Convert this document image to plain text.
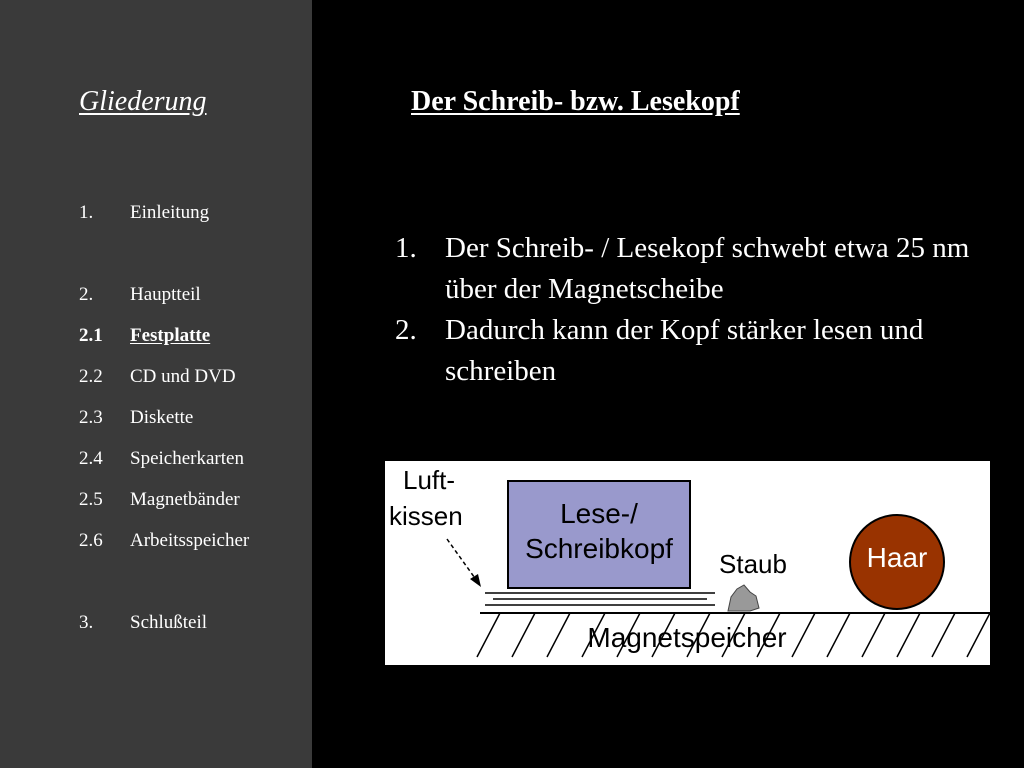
Gliederung
1. Einleitung
2. Hauptteil
2.1 Festplatte
2.2 CD und DVD
2.3 Diskette
2.4 Speicherkarten
2.5 Magnetbänder
2.6 Arbeitsspeicher
3. Schlußteil
Der Schreib- bzw. Lesekopf
1. Der Schreib- / Lesekopf schwebt etwa 25 nm über der Magnetscheibe
2. Dadurch kann der Kopf stärker lesen und schreiben
Lese-/
Schreibkopf
Luft-
kissen
Staub	Haar
Magnetspeicher
